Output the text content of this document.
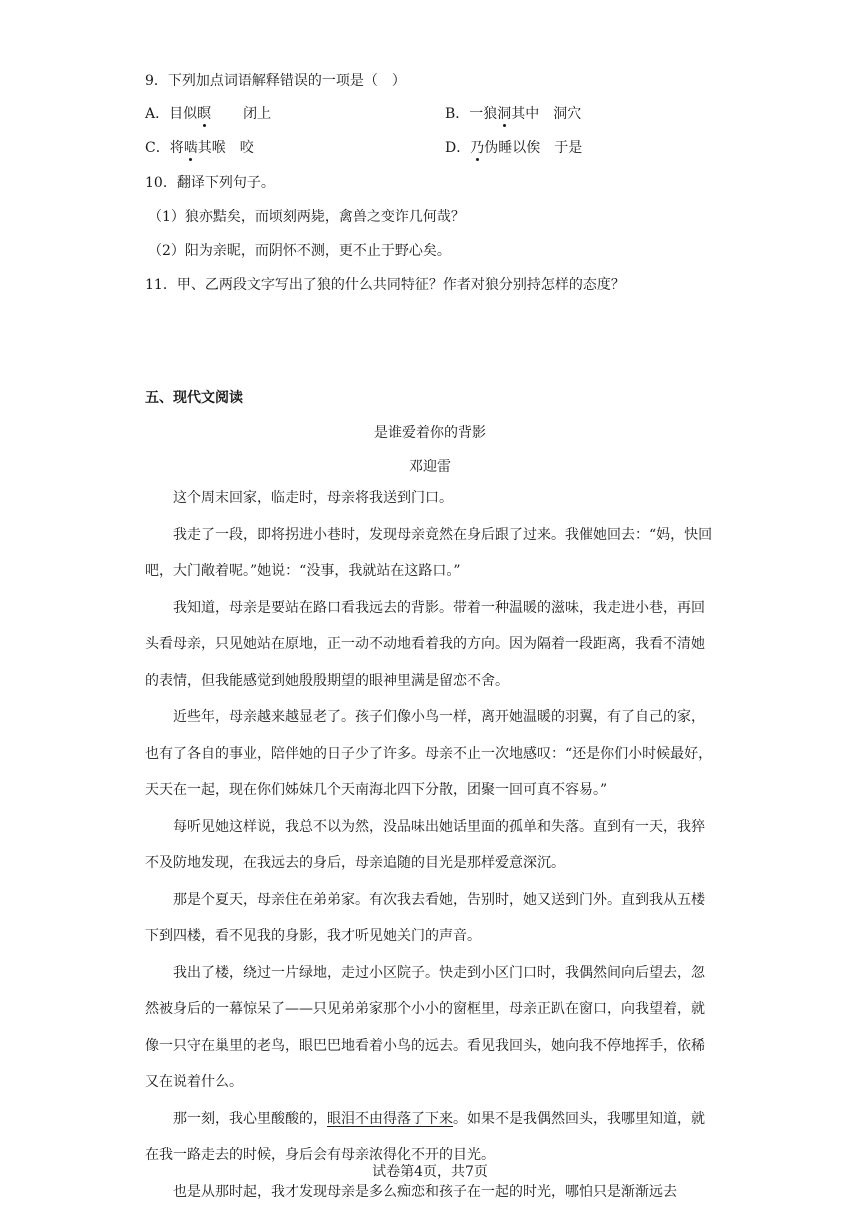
9．下列加点词语解释错误的一项是（　）
A．目似瞑 闭上	B．一狼洞其中 洞穴
C．将啮其喉 咬	D．乃伪睡以俟 于是
10．翻译下列句子。
（1）狼亦黠矣，而顷刻两毙，禽兽之变诈几何哉？
（2）阳为亲昵，而阴怀不测，更不止于野心矣。
11．甲、乙两段文字写出了狼的什么共同特征？作者对狼分别持怎样的态度？
五、现代文阅读
是谁爱着你的背影
邓迎雷
这个周末回家，临走时，母亲将我送到门口。
我走了一段，即将拐进小巷时，发现母亲竟然在身后跟了过来。我催她回去：“妈，快回吧，大门敞着呢。”她说：“没事，我就站在这路口。”
我知道，母亲是要站在路口看我远去的背影。带着一种温暖的滋味，我走进小巷，再回头看母亲，只见她站在原地，正一动不动地看着我的方向。因为隔着一段距离，我看不清她的表情，但我能感觉到她殷殷期望的眼神里满是留恋不舍。
近些年，母亲越来越显老了。孩子们像小鸟一样，离开她温暖的羽翼，有了自己的家，也有了各自的事业，陪伴她的日子少了许多。母亲不止一次地感叹：“还是你们小时候最好，天天在一起，现在你们姊妹几个天南海北四下分散，团聚一回可真不容易。”
每听见她这样说，我总不以为然，没品味出她话里面的孤单和失落。直到有一天，我猝不及防地发现，在我远去的身后，母亲追随的目光是那样爱意深沉。
那是个夏天，母亲住在弟弟家。有次我去看她，告别时，她又送到门外。直到我从五楼下到四楼，看不见我的身影，我才听见她关门的声音。
我出了楼，绕过一片绿地，走过小区院子。快走到小区门口时，我偶然间向后望去，忽然被身后的一幕惊呆了——只见弟弟家那个小小的窗框里，母亲正趴在窗口，向我望着，就像一只守在巢里的老鸟，眼巴巴地看着小鸟的远去。看见我回头，她向我不停地挥手，依稀又在说着什么。
那一刻，我心里酸酸的，眼泪不由得落了下来。如果不是我偶然回头，我哪里知道，就在我一路走去的时候，身后会有母亲浓得化不开的目光。
也是从那时起，我才发现母亲是多么痴恋和孩子在一起的时光，哪怕只是渐渐远去
试卷第4页，共7页
